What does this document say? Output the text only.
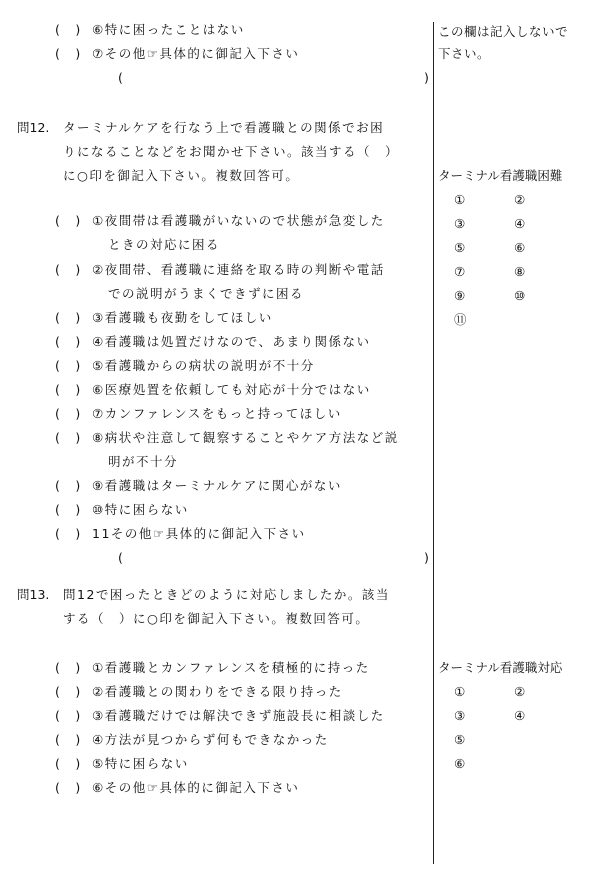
(　) ⑥特に困ったことはない
(　) ⑦その他☞具体的に御記入下さい
(	)
この欄は記入しないで
下さい。
問12. ターミナルケアを行なう上で看護職との関係でお困
りになることなどをお聞かせ下さい。該当する（　）
に○印を御記入下さい。複数回答可。
(　) ①夜間帯は看護職がいないので状態が急変した
ときの対応に困る
(　) ②夜間帯、看護職に連絡を取る時の判断や電話
での説明がうまくできずに困る
(　) ③看護職も夜勤をしてほしい
(　) ④看護職は処置だけなので、あまり関係ない
(　) ⑤看護職からの病状の説明が不十分
(　) ⑥医療処置を依頼しても対応が十分ではない
(　) ⑦カンファレンスをもっと持ってほしい
(　) ⑧病状や注意して観察することやケア方法など説
明が不十分
(　) ⑨看護職はターミナルケアに関心がない
(　) ⑩特に困らない
(　) 11その他☞具体的に御記入下さい
(	)
ターミナル看護職困難
①	②
③	④
⑤	⑥
⑦	⑧
⑨	⑩
⑪
問13. 問12で困ったときどのように対応しましたか。該当
する（　）に○印を御記入下さい。複数回答可。
(　) ①看護職とカンファレンスを積極的に持った
(　) ②看護職との関わりをできる限り持った
(　) ③看護職だけでは解決できず施設長に相談した
(　) ④方法が見つからず何もできなかった
(　) ⑤特に困らない
(　) ⑥その他☞具体的に御記入下さい
ターミナル看護職対応
①	②
③	④
⑤
⑥
